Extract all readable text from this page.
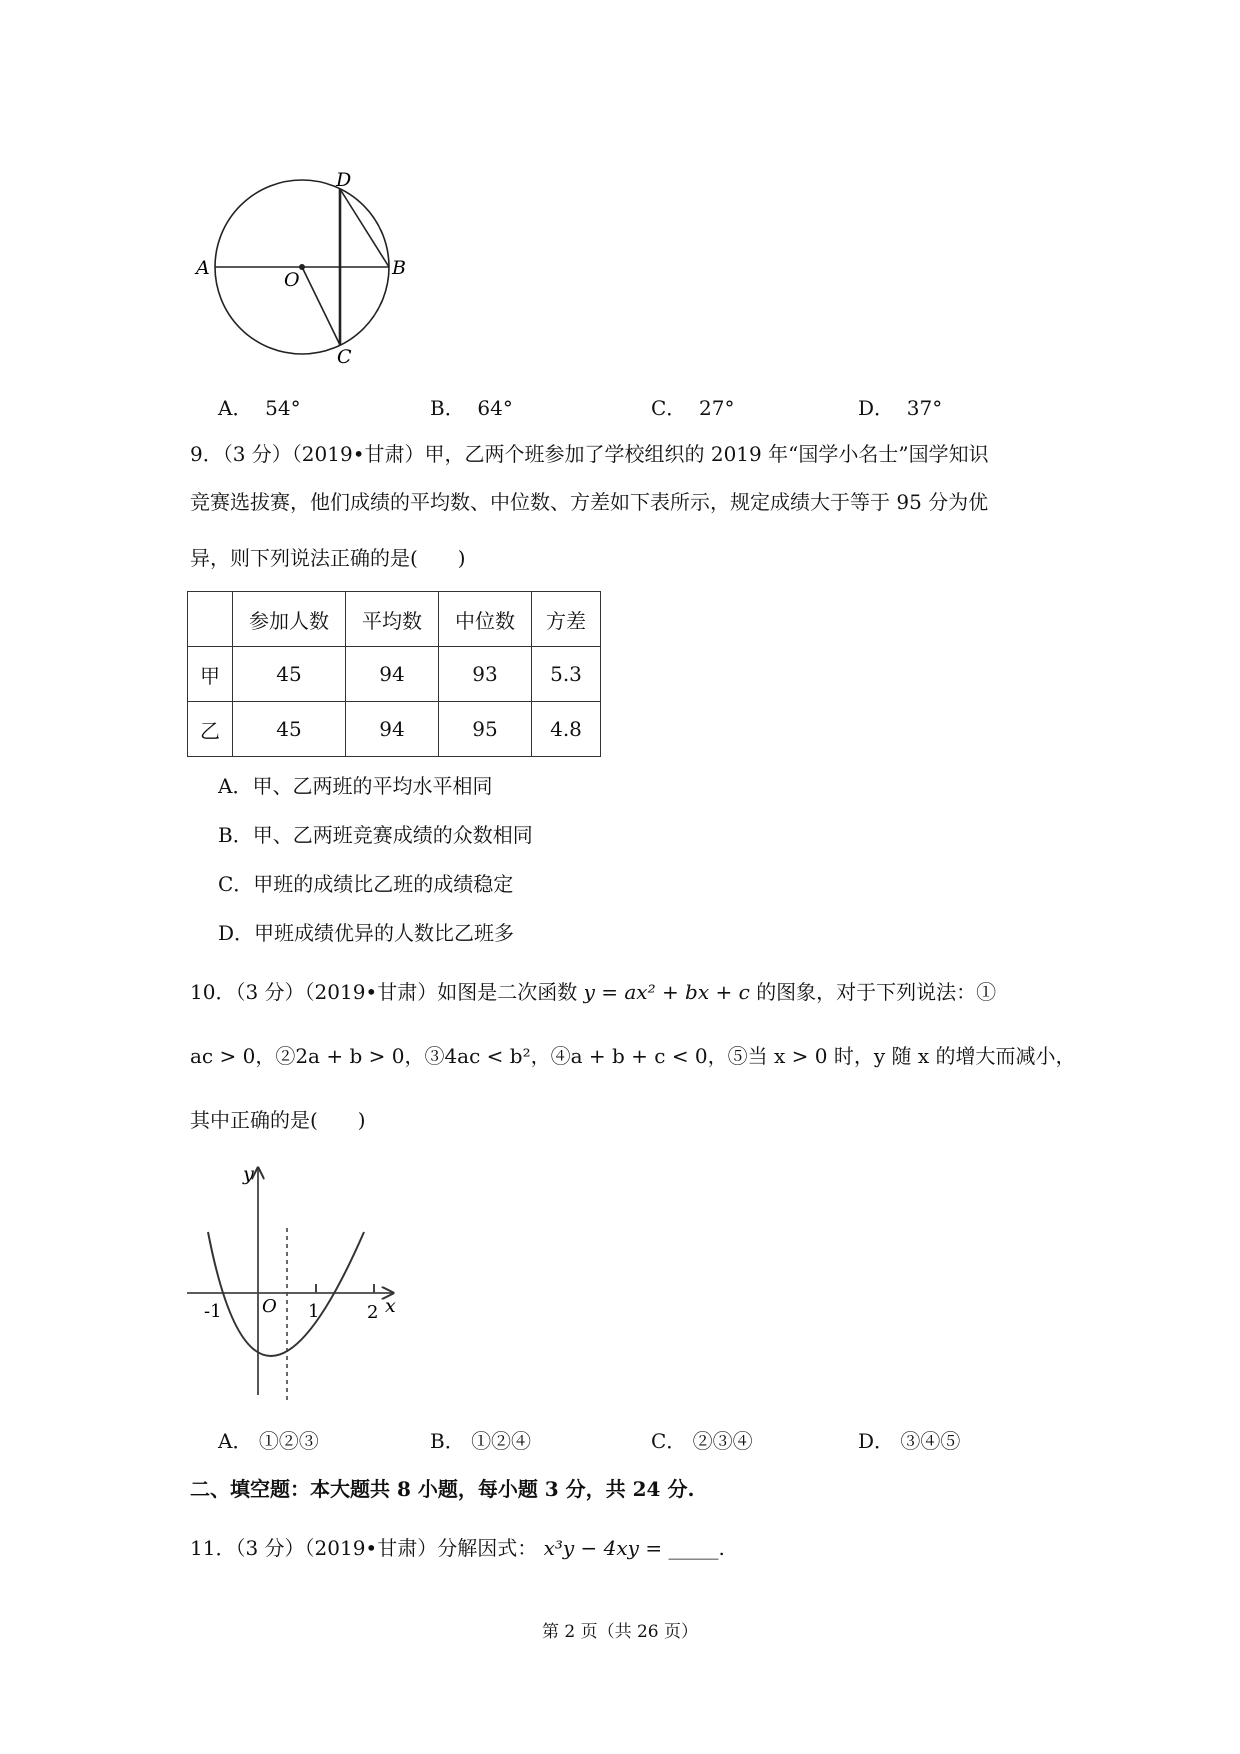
A	B
C
D
O
A． 54°	B． 64°	C． 27°	D． 37°
9．（3 分）（2019•甘肃）甲，乙两个班参加了学校组织的 2019 年“国学小名士”国学知识
竞赛选拔赛，他们成绩的平均数、中位数、方差如下表所示，规定成绩大于等于 95 分为优
异，则下列说法正确的是(　　)
	参加人数	平均数	中位数	方差
甲	45	94	93	5.3
乙	45	94	95	4.8
A．甲、乙两班的平均水平相同
B．甲、乙两班竞赛成绩的众数相同
C．甲班的成绩比乙班的成绩稳定
D．甲班成绩优异的人数比乙班多
10．（3 分）（2019•甘肃）如图是二次函数 y = ax² + bx + c 的图象，对于下列说法：①
ac > 0，②2a + b > 0，③4ac < b²，④a + b + c < 0，⑤当 x > 0 时，y 随 x 的增大而减小，
其中正确的是(　　)
y
x
O
-1	1	2
A． ①②③	B． ①②④	C． ②③④	D． ③④⑤
二、填空题：本大题共 8 小题，每小题 3 分，共 24 分.
11．（3 分）（2019•甘肃）分解因式： x³y − 4xy = _____.
第 2 页（共 26 页）
